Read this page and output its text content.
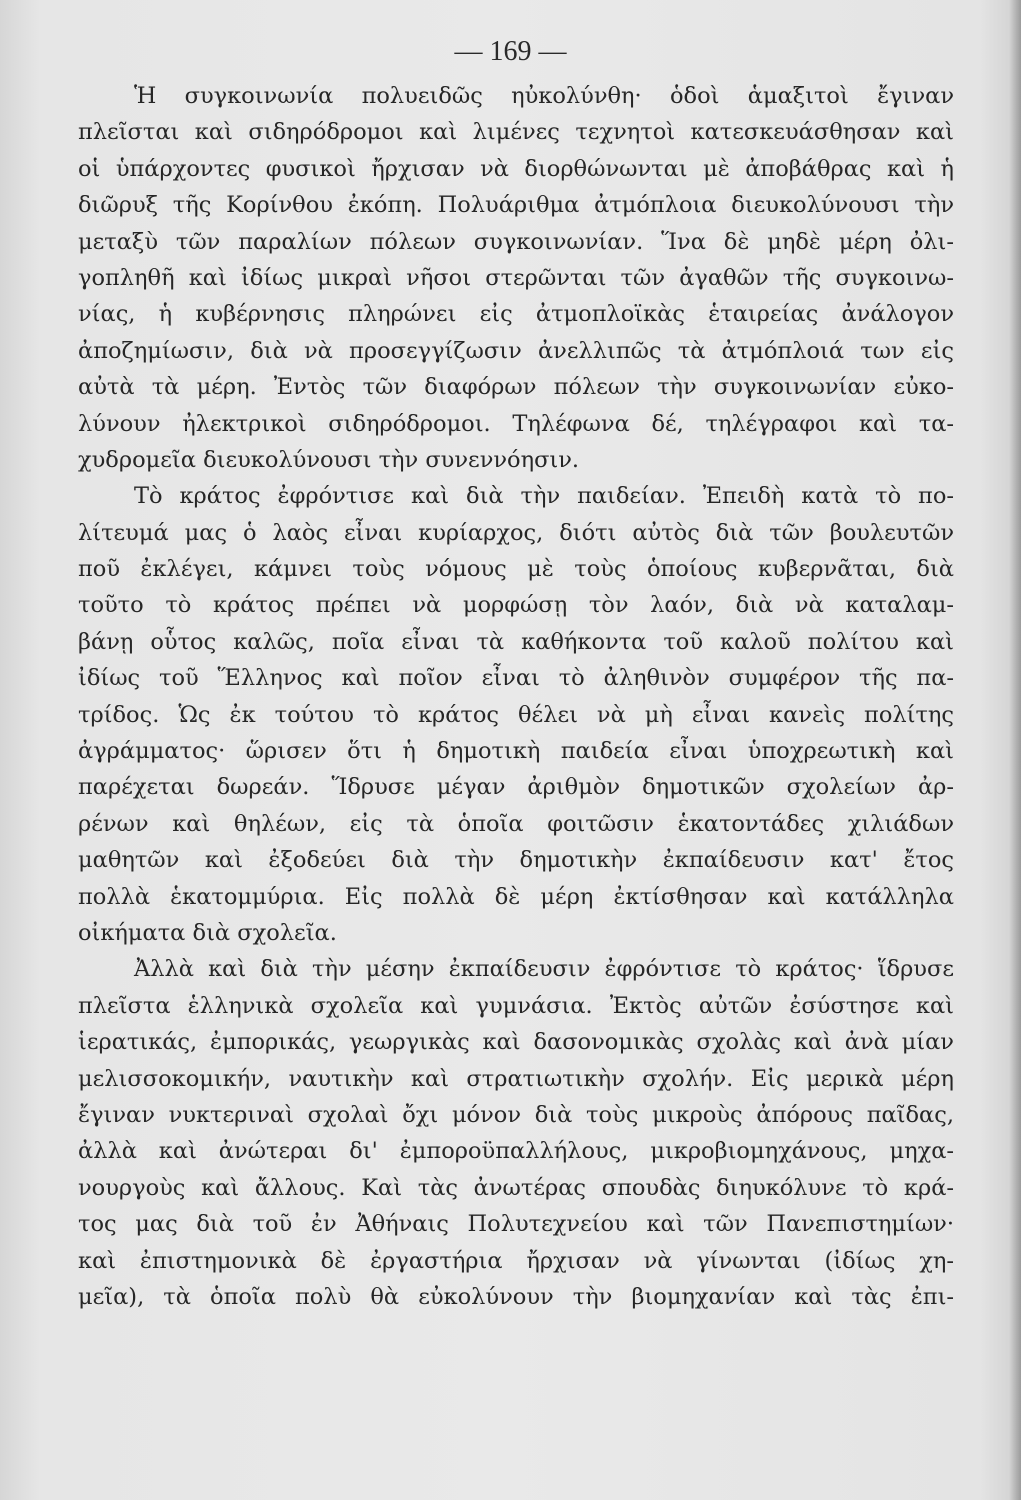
— 169 —
Ἡ συγκοινωνία πολυειδῶς ηὐκολύνθη· ὁδοὶ ἁμαξιτοὶ ἔγιναν
πλεῖσται καὶ σιδηρόδρομοι καὶ λιμένες τεχνητοὶ κατεσκευάσθησαν καὶ
οἱ ὑπάρχοντες φυσικοὶ ἤρχισαν νὰ διορθώνωνται μὲ ἀποβάθρας καὶ ἡ
διῶρυξ τῆς Κορίνθου ἐκόπη. Πολυάριθμα ἀτμόπλοια διευκολύνουσι τὴν
μεταξὺ τῶν παραλίων πόλεων συγκοινωνίαν. Ἵνα δὲ μηδὲ μέρη ὀλι-
γοπληθῆ καὶ ἰδίως μικραὶ νῆσοι στερῶνται τῶν ἀγαθῶν τῆς συγκοινω-
νίας, ἡ κυβέρνησις πληρώνει εἰς ἀτμοπλοϊκὰς ἑταιρείας ἀνάλογον
ἀποζημίωσιν, διὰ νὰ προσεγγίζωσιν ἀνελλιπῶς τὰ ἀτμόπλοιά των εἰς
αὐτὰ τὰ μέρη. Ἐντὸς τῶν διαφόρων πόλεων τὴν συγκοινωνίαν εὐκο-
λύνουν ἠλεκτρικοὶ σιδηρόδρομοι. Τηλέφωνα δέ, τηλέγραφοι καὶ τα-
χυδρομεῖα διευκολύνουσι τὴν συνεννόησιν.
Τὸ κράτος ἐφρόντισε καὶ διὰ τὴν παιδείαν. Ἐπειδὴ κατὰ τὸ πο-
λίτευμά μας ὁ λαὸς εἶναι κυρίαρχος, διότι αὐτὸς διὰ τῶν βουλευτῶν
ποῦ ἐκλέγει, κάμνει τοὺς νόμους μὲ τοὺς ὁποίους κυβερνᾶται, διὰ
τοῦτο τὸ κράτος πρέπει νὰ μορφώσῃ τὸν λαόν, διὰ νὰ καταλαμ-
βάνῃ οὗτος καλῶς, ποῖα εἶναι τὰ καθήκοντα τοῦ καλοῦ πολίτου καὶ
ἰδίως τοῦ Ἕλληνος καὶ ποῖον εἶναι τὸ ἀληθινὸν συμφέρον τῆς πα-
τρίδος. Ὡς ἐκ τούτου τὸ κράτος θέλει νὰ μὴ εἶναι κανεὶς πολίτης
ἀγράμματος· ὥρισεν ὅτι ἡ δημοτικὴ παιδεία εἶναι ὑποχρεωτικὴ καὶ
παρέχεται δωρεάν. Ἵδρυσε μέγαν ἀριθμὸν δημοτικῶν σχολείων ἀρ-
ρένων καὶ θηλέων, εἰς τὰ ὁποῖα φοιτῶσιν ἑκατοντάδες χιλιάδων
μαθητῶν καὶ ἐξοδεύει διὰ τὴν δημοτικὴν ἐκπαίδευσιν κατ' ἔτος
πολλὰ ἑκατομμύρια. Εἰς πολλὰ δὲ μέρη ἐκτίσθησαν καὶ κατάλληλα
οἰκήματα διὰ σχολεῖα.
Ἀλλὰ καὶ διὰ τὴν μέσην ἐκπαίδευσιν ἐφρόντισε τὸ κράτος· ἵδρυσε
πλεῖστα ἑλληνικὰ σχολεῖα καὶ γυμνάσια. Ἐκτὸς αὐτῶν ἐσύστησε καὶ
ἱερατικάς, ἐμπορικάς, γεωργικὰς καὶ δασονομικὰς σχολὰς καὶ ἀνὰ μίαν
μελισσοκομικήν, ναυτικὴν καὶ στρατιωτικὴν σχολήν. Εἰς μερικὰ μέρη
ἔγιναν νυκτεριναὶ σχολαὶ ὄχι μόνον διὰ τοὺς μικροὺς ἀπόρους παῖδας,
ἀλλὰ καὶ ἀνώτεραι δι' ἐμποροϋπαλλήλους, μικροβιομηχάνους, μηχα-
νουργοὺς καὶ ἄλλους. Καὶ τὰς ἀνωτέρας σπουδὰς διηυκόλυνε τὸ κρά-
τος μας διὰ τοῦ ἐν Ἀθήναις Πολυτεχνείου καὶ τῶν Πανεπιστημίων·
καὶ ἐπιστημονικὰ δὲ ἐργαστήρια ἤρχισαν νὰ γίνωνται (ἰδίως χη-
μεῖα), τὰ ὁποῖα πολὺ θὰ εὐκολύνουν τὴν βιομηχανίαν καὶ τὰς ἐπι-
